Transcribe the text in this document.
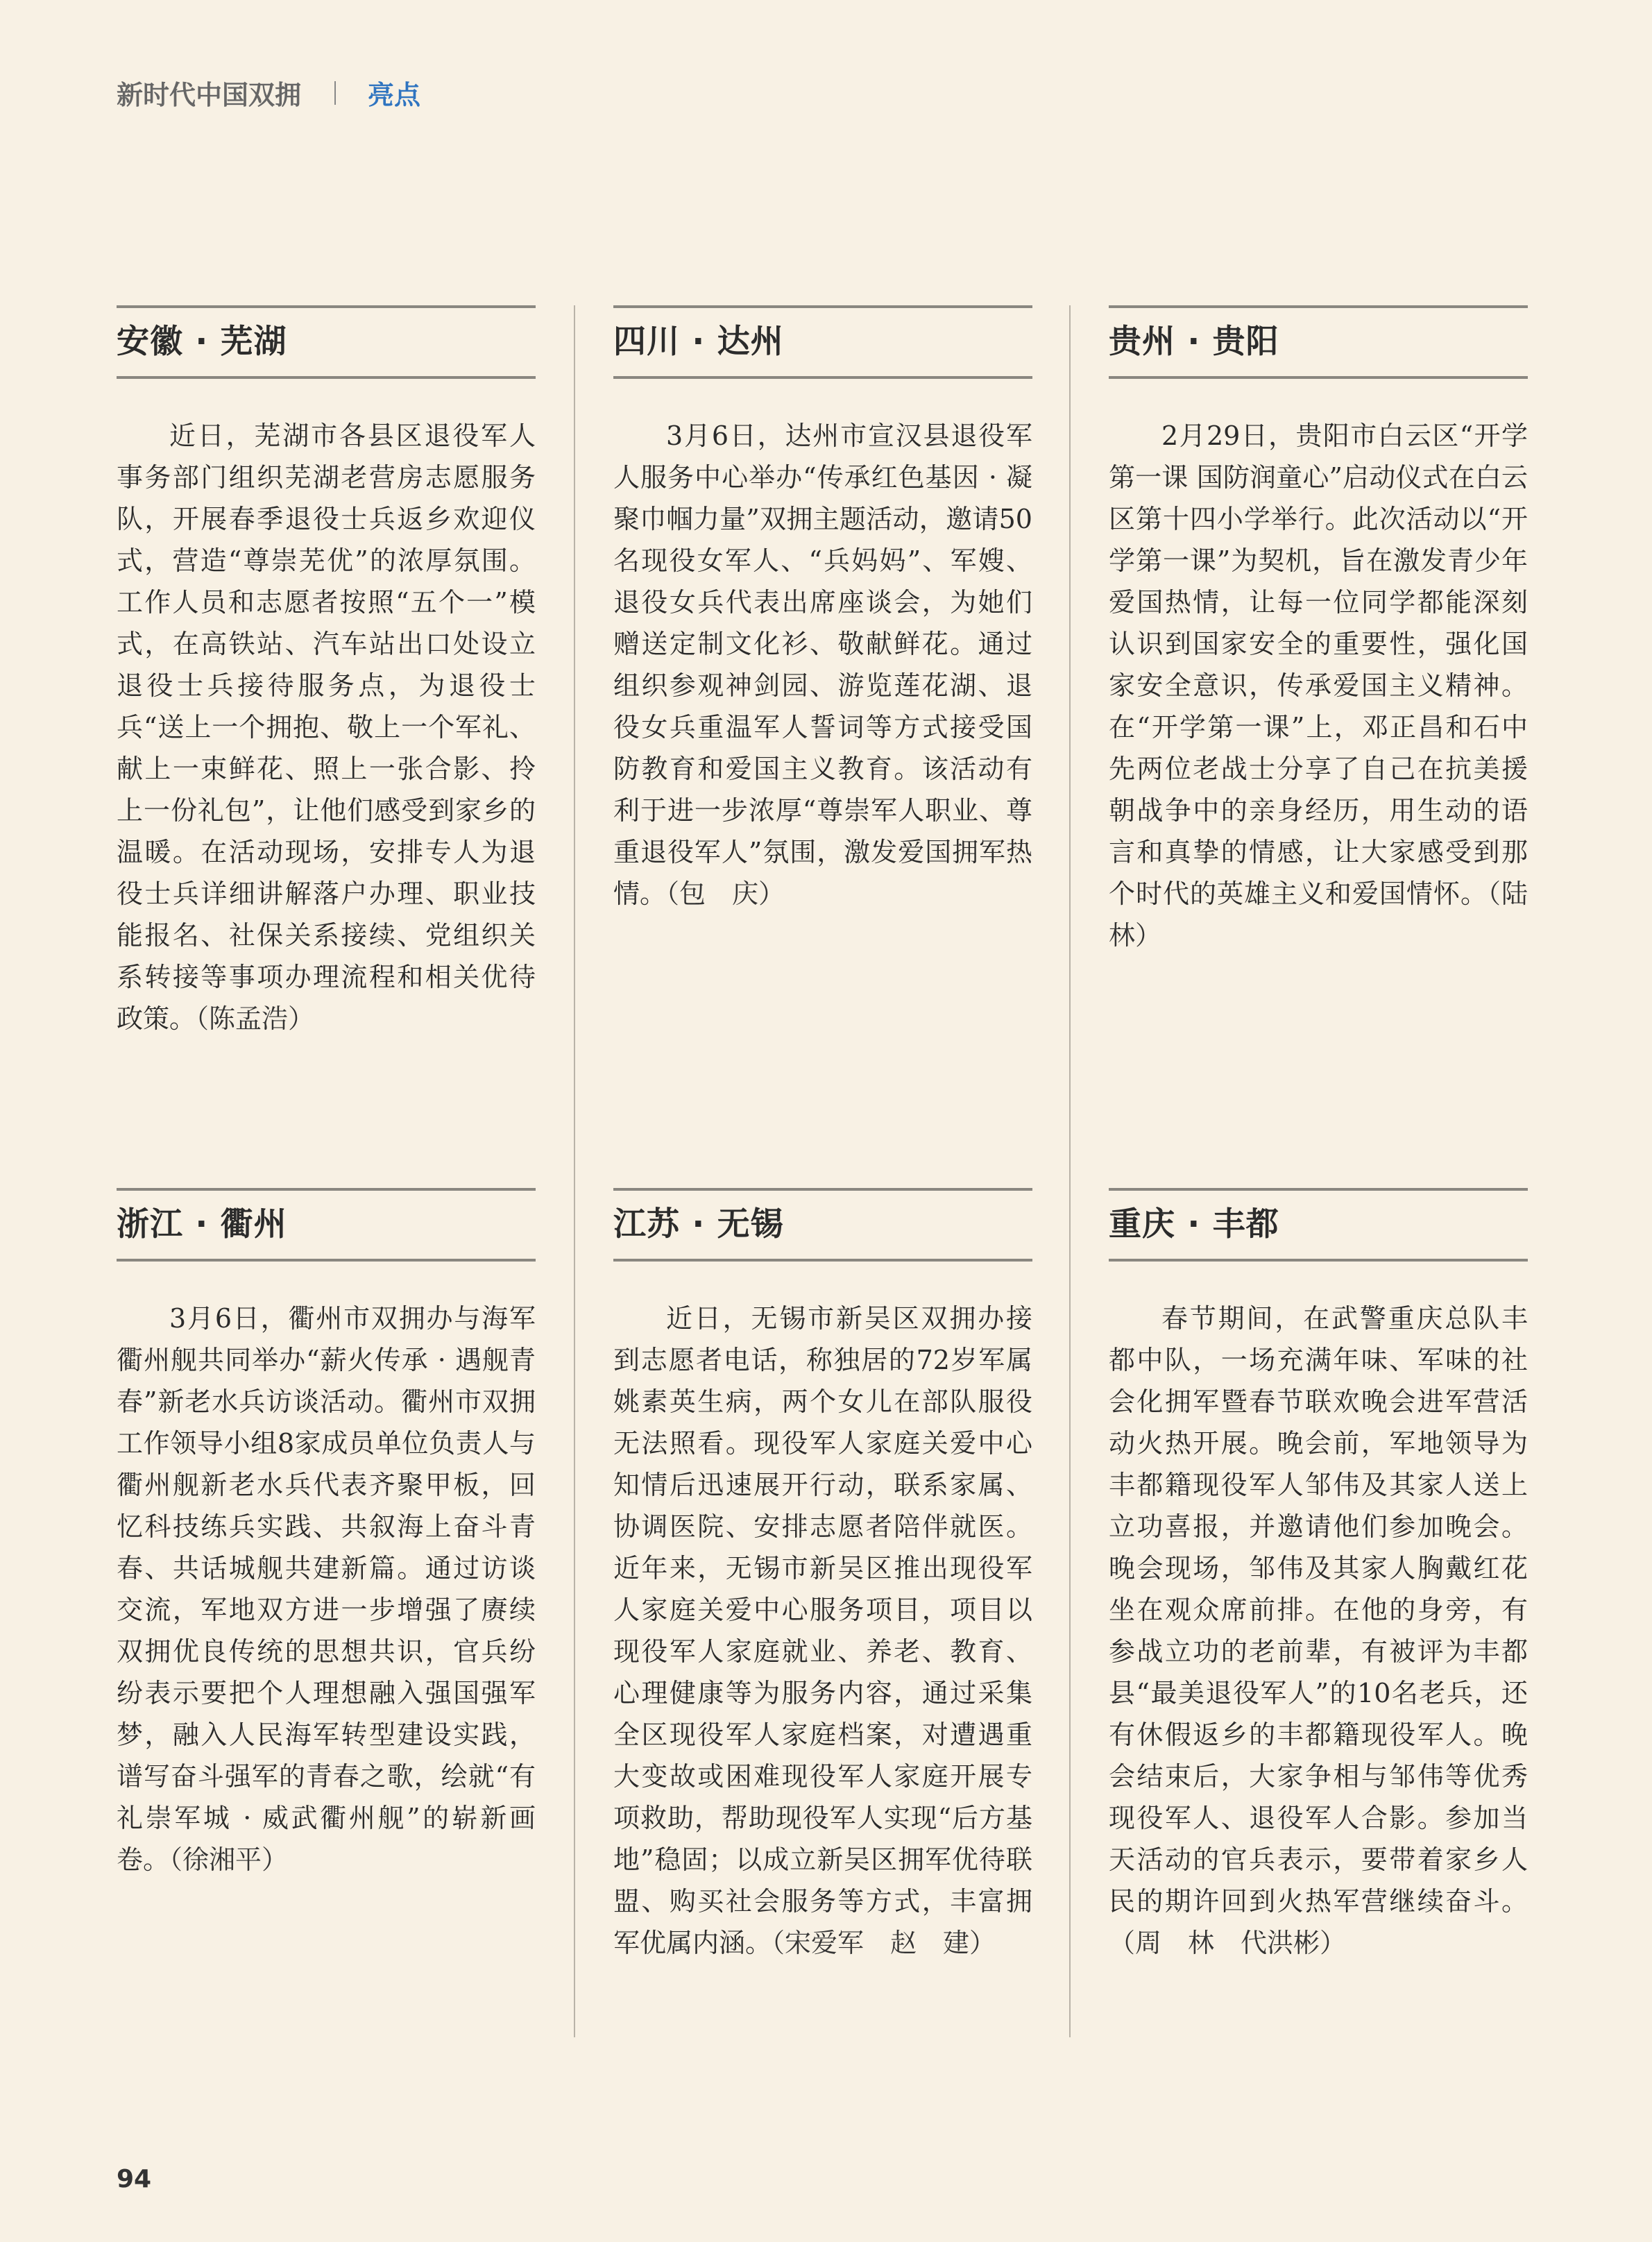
新时代中国双拥	亮点
安徽 · 芜湖
近日，芜湖市各县区退役军人事务部门组织芜湖老营房志愿服务队，开展春季退役士兵返乡欢迎仪式，营造“尊崇芜优”的浓厚氛围。工作人员和志愿者按照“五个一”模式，在高铁站、汽车站出口处设立退役士兵接待服务点，为退役士兵“送上一个拥抱、敬上一个军礼、献上一束鲜花、照上一张合影、拎上一份礼包”，让他们感受到家乡的温暖。在活动现场，安排专人为退役士兵详细讲解落户办理、职业技能报名、社保关系接续、党组织关系转接等事项办理流程和相关优待政策。（陈孟浩）
四川 · 达州
3月6日，达州市宣汉县退役军人服务中心举办“传承红色基因 · 凝聚巾帼力量”双拥主题活动，邀请50名现役女军人、“兵妈妈”、军嫂、退役女兵代表出席座谈会，为她们赠送定制文化衫、敬献鲜花。通过组织参观神剑园、游览莲花湖、退役女兵重温军人誓词等方式接受国防教育和爱国主义教育。该活动有利于进一步浓厚“尊崇军人职业、尊重退役军人”氛围，激发爱国拥军热情。（包　庆）
贵州 · 贵阳
2月29日，贵阳市白云区“开学第一课 国防润童心”启动仪式在白云区第十四小学举行。此次活动以“开学第一课”为契机，旨在激发青少年爱国热情，让每一位同学都能深刻认识到国家安全的重要性，强化国家安全意识，传承爱国主义精神。在“开学第一课”上，邓正昌和石中先两位老战士分享了自己在抗美援朝战争中的亲身经历，用生动的语言和真挚的情感，让大家感受到那个时代的英雄主义和爱国情怀。（陆　林）
浙江 · 衢州
3月6日，衢州市双拥办与海军衢州舰共同举办“薪火传承 · 遇舰青春”新老水兵访谈活动。衢州市双拥工作领导小组8家成员单位负责人与衢州舰新老水兵代表齐聚甲板，回忆科技练兵实践、共叙海上奋斗青春、共话城舰共建新篇。通过访谈交流，军地双方进一步增强了赓续双拥优良传统的思想共识，官兵纷纷表示要把个人理想融入强国强军梦，融入人民海军转型建设实践，谱写奋斗强军的青春之歌，绘就“有礼崇军城 · 威武衢州舰”的崭新画卷。（徐湘平）
江苏 · 无锡
近日，无锡市新吴区双拥办接到志愿者电话，称独居的72岁军属姚素英生病，两个女儿在部队服役无法照看。现役军人家庭关爱中心知情后迅速展开行动，联系家属、协调医院、安排志愿者陪伴就医。近年来，无锡市新吴区推出现役军人家庭关爱中心服务项目，项目以现役军人家庭就业、养老、教育、心理健康等为服务内容，通过采集全区现役军人家庭档案，对遭遇重大变故或困难现役军人家庭开展专项救助，帮助现役军人实现“后方基地”稳固；以成立新吴区拥军优待联盟、购买社会服务等方式，丰富拥军优属内涵。（宋爱军　赵　建）
重庆 · 丰都
春节期间，在武警重庆总队丰都中队，一场充满年味、军味的社会化拥军暨春节联欢晚会进军营活动火热开展。晚会前，军地领导为丰都籍现役军人邹伟及其家人送上立功喜报，并邀请他们参加晚会。晚会现场，邹伟及其家人胸戴红花坐在观众席前排。在他的身旁，有参战立功的老前辈，有被评为丰都县“最美退役军人”的10名老兵，还有休假返乡的丰都籍现役军人。晚会结束后，大家争相与邹伟等优秀现役军人、退役军人合影。参加当天活动的官兵表示，要带着家乡人民的期许回到火热军营继续奋斗。（周　林　代洪彬）
94
